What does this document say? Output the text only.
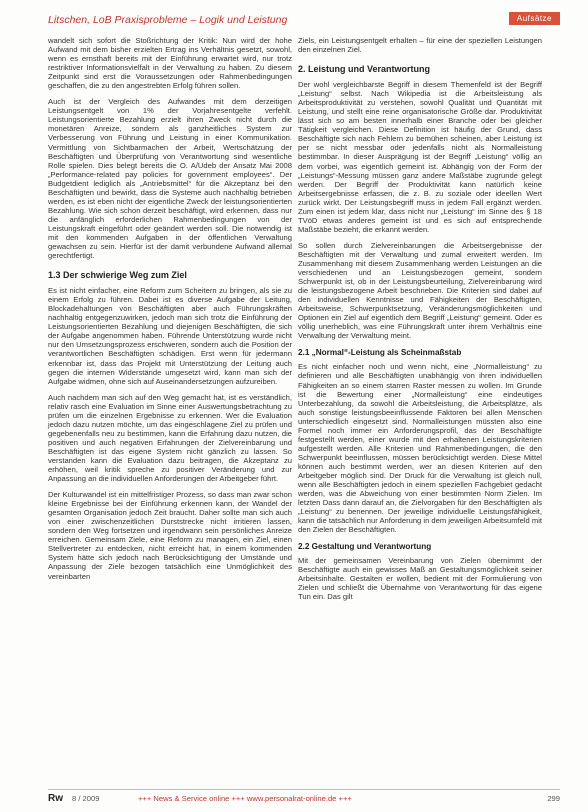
Litschen, LoB Praxisprobleme – Logik und Leistung	Aufsätze

wandelt sich sofort die Stoßrichtung der Kritik: Nun wird der hohe Aufwand mit dem bisher erzielten Ertrag ins Verhältnis gesetzt, sowohl, wenn es ernsthaft bereits mit der Einführung erwartet wird, nur trotz restriktiver Informationsvielfalt in der Verwaltung zu haben. Zu diesem Zeitpunkt sind erst die Voraussetzungen oder Rahmenbedingungen geschaffen, die zu den angestrebten Erfolg führen sollen.

Auch ist der Vergleich des Aufwandes mit dem derzeitigen Leistungsentgelt von 1% der Vorjahresentgelte verfehlt. Leistungsorientierte Bezahlung erzielt ihren Zweck nicht durch die monetären Anreize, sondern als ganzheitliches System zur Verbesserung von Führung und Leistung in einer Kommunikation. Vermittlung von Sichtbarmachen der Arbeit, Wertschätzung der Beschäftigten und Überprüfung von Verantwortung sind wesentliche Rolle spielen. Dies belegt bereits die O. A/Udeb der Ansatz Mai 2008 „Performance-related pay policies for government employees“. Der Budgetdient lediglich als „Antriebsmittel“ für die Akzeptanz bei den Beschäftigten und bewirkt, dass die Systeme auch nachhaltig betrieben werden, es ist eben nicht der eigentliche Zweck der leistungsorientierten Bezahlung. Wie sich schon derzeit beschäftigt, wird erkennen, dass nur die anfänglich erforderlichen Rahmenbedingungen von der Leistungskraft eingeführt oder geändert werden soll. Die notwendig ist mit den kommenden Aufgaben in der öffentlichen Verwaltung gewachsen zu sein. Hierfür ist der damit verbundene Aufwand allemal gerechtfertigt.

1.3 Der schwierige Weg zum Ziel

Es ist nicht einfacher, eine Reform zum Scheitern zu bringen, als sie zu einem Erfolg zu führen. Dabei ist es diverse Aufgabe der Leitung, Blockadehaltungen von Beschäftigten aber auch Führungskräften nachhaltig entgegenzuwirken, jedoch man sich trotz die Einführung der Leistungsorientierten Bezahlung und diejenigen Beschäftigten, die sich der Aufgabe angenommen haben. Führende Unterstützung wurde nicht nur den Umsetzungsprozess erschweren, sondern auch die Position der verantwortlichen Beschäftigten schädigen. Erst wenn für jedermann erkennbar ist, dass das Projekt mit Unterstützung der Leitung auch gegen die internen Widerstände umgesetzt wird, kann man sich der Aufgabe widmen, ohne sich auf Auseinandersetzungen aufzureiben.

Auch nachdem man sich auf den Weg gemacht hat, ist es verständlich, relativ rasch eine Evaluation im Sinne einer Auswertungsbetrachtung zu prüfen um die einzelnen Ergebnisse zu erkennen. Wer die Evaluation jedoch dazu nutzen möchte, um das eingeschlagene Ziel zu prüfen und gegebenenfalls neu zu bestimmen, kann die Erfahrung dazu nutzen, die positiven und auch negativen Erfahrungen der Zielvereinbarung und Beschäftigten ist das eigene System nicht gänzlich zu lassen. So verstanden kann die Evaluation dazu beitragen, die Akzeptanz zu erhöhen, weil kritik spreche zu positiver Veränderung und zur Anpassung an die individuellen Anforderungen der Arbeitgeber führt.

Der Kulturwandel ist ein mittelfristiger Prozess, so dass man zwar schon kleine Ergebnisse bei der Einführung erkennen kann, der Wandel der gesamten Organisation jedoch Zeit braucht. Daher sollte man sich auch von einer zwischenzeitlichen Durststrecke nicht irritieren lassen, sondern den Weg fortsetzen und irgendwann sein persönliches Anreize erreichen. Gemeinsam Ziele, eine Reform zu managen, ein Ziel, einen Stellvertreter zu entdecken, nicht erreicht hat, in einem kommenden System hätte sich jedoch nach Berücksichtigung der Umstände und Anpassung der Ziele bezogen tatsächlich eine Unmöglichkeit des vereinbarten

Ziels, ein Leistungsentgelt erhalten – für eine der speziellen Leistungen den einzelnen Ziel.

2. Leistung und Verantwortung

Der wohl vergleichbarste Begriff in diesem Themenfeld ist der Begriff „Leistung“ selbst. Nach Wikipedia ist die Arbeitsleistung als Arbeitsproduktivität zu verstehen, sowohl Qualität und Quantität mit Leistung, und stellt eine reine organisatorische Größe dar. Produktivität lässt sich so am besten innerhalb einer Branche oder bei gleicher Tätigkeit vergleichen. Diese Definition ist häufig der Grund, dass Beschäftigte sich nach Fehlern zu bemühen scheinen, aber Leistung ist per se nicht messbar oder jedenfalls nicht als Normalleistung bestimmbar. In dieser Ausprägung ist der Begriff „Leistung“ völlig an dem vorbei, was eigentlich gemeint ist. Abhängig von der Form der „Leistungs“-Messung müssen ganz andere Maßstäbe zugrunde gelegt werden. Der Begriff der Produktivität kann natürlich keine Arbeitsergebnisse erfassen, die z. B. zu soziale oder ideellen Wert zurück wirkt. Der Leistungsbegriff muss in jedem Fall ergänzt werden. Zum einen ist jedem klar, dass nicht nur „Leistung“ im Sinne des § 18 TVöD etwas anderes gemeint ist und es sich auf entsprechende Maßstäbe bezieht, die erkannt werden.

So sollen durch Zielvereinbarungen die Arbeitsergebnisse der Beschäftigten mit der Verwaltung und zumal erweitert werden. Im Zusammenhang mit diesem Zusammenhang werden Leistungen an die verschiedenen und an Leistungsbezogen gemeint, sondern Schwerpunkt ist, ob in der Leistungsbeurteilung, Zielvereinbarung wird die leistungsbezogene Arbeit beschrieben. Die Kriterien sind dabei auf den individuellen Kenntnisse und Fähigkeiten der Beschäftigten, Arbeitsweise, Schwerpunktsetzung, Veränderungsmöglichkeiten und Optionen ein Ziel auf eigentlich dem Begriff „Leistung“ gemeint. Oder es völlig unerheblich, was eine Führungskraft unter ihrem Verhältnis eine Verwaltung der Verwaltung meint.

2.1 „Normal“-Leistung als Scheinmaßstab

Es nicht einfacher noch und wenn nicht, eine „Normalleistung“ zu definieren und alle Beschäftigten unabhängig von ihren individuellen Fähigkeiten an so einem starren Raster messen zu wollen. Im Grunde ist die Bewertung einer „Normalleistung“ eine eindeutiges Unterbezahlung, da sowohl die Arbeitsleistung, die Arbeitsplätze, als auch sonstige leistungsbeeinflussende Faktoren bei allen Menschen unterschiedlich eingesetzt sind. Normalleistungen müssten also eine Formel noch immer ein Anforderungsprofil, das der Beschäftigte festgestellt werden, einer wurde mit den erhaltenen Leistungskriterien aufgestellt werden. Alle Kriterien und Rahmenbedingungen, die den Schwerpunkt beeinflussen, müssen berücksichtigt werden. Diese Mittel können auch bestimmt werden, wer an diesen Kriterien auf den Arbeitgeber möglich sind. Der Druck für die Verwaltung ist gleich null, wenn alle Beschäftigten jedoch in einem speziellen Fachgebiet gedacht werden, was die Abweichung von einer bestimmten Norm Zielen. Im letzten Dass dann darauf an, die Zielvorgaben für den Beschäftigten als „Leistung“ zu benennen. Der jeweilige individuelle Leistungsfähigkeit, kann die tatsächlich nur Anforderung in dem jeweiligen Arbeitsumfeld mit den Zielen der Beschäftigten.

2.2 Gestaltung und Verantwortung

Mit der gemeinsamen Vereinbarung von Zielen übernimmt der Beschäftigte auch ein gewisses Maß an Gestaltungsmöglichkeit seiner Arbeitsinhalte. Gestalten er wollen, bedient mit der Formulierung von Zielen und schließt die Übernahme von Verantwortung für das eigene Tun ein. Das gilt

Rw 8 / 2009	+++ News & Service online +++ www.personalrat-online.de +++	299
